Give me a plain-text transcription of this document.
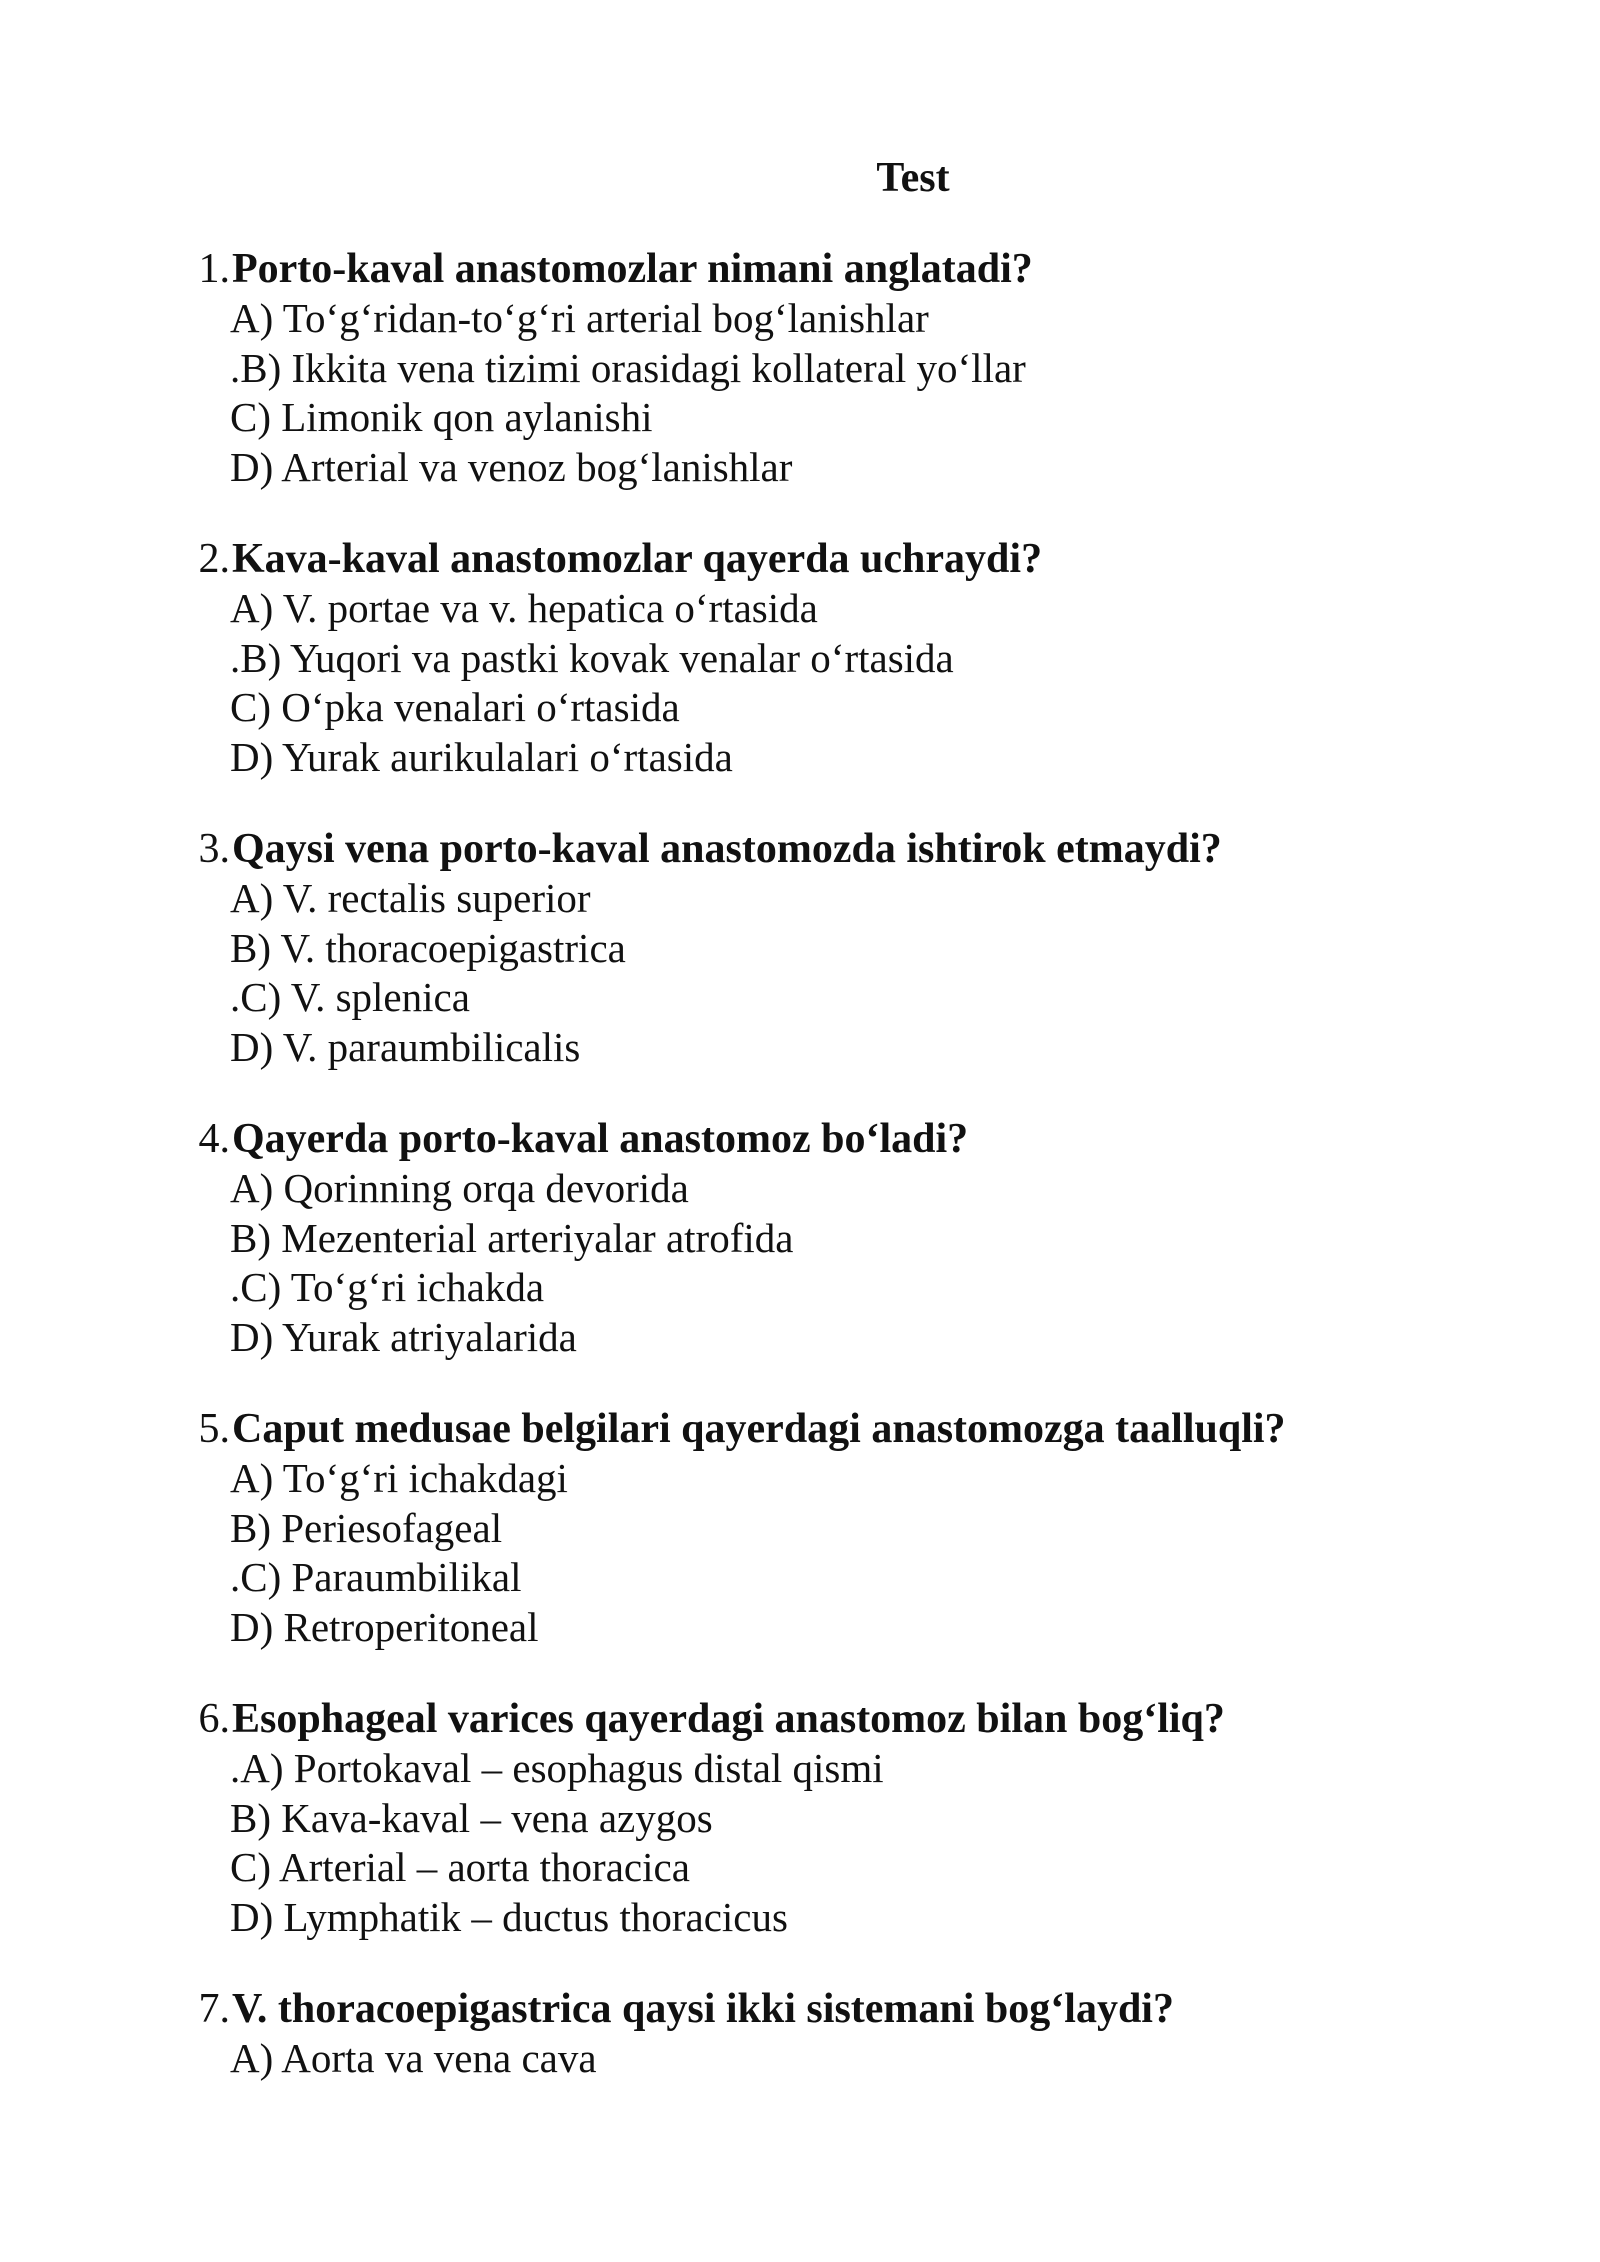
Test
1. Porto-kaval anastomozlar nimani anglatadi?
A) To‘g‘ridan-to‘g‘ri arterial bog‘lanishlar
.B) Ikkita vena tizimi orasidagi kollateral yo‘llar
C) Limonik qon aylanishi
D) Arterial va venoz bog‘lanishlar
2. Kava-kaval anastomozlar qayerda uchraydi?
A) V. portae va v. hepatica o‘rtasida
.B) Yuqori va pastki kovak venalar o‘rtasida
C) O‘pka venalari o‘rtasida
D) Yurak aurikulalari o‘rtasida
3. Qaysi vena porto-kaval anastomozda ishtirok etmaydi?
A) V. rectalis superior
B) V. thoracoepigastrica
.C) V. splenica
D) V. paraumbilicalis
4. Qayerda porto-kaval anastomoz bo‘ladi?
A) Qorinning orqa devorida
B) Mezenterial arteriyalar atrofida
.C) To‘g‘ri ichakda
D) Yurak atriyalarida
5. Caput medusae belgilari qayerdagi anastomozga taalluqli?
A) To‘g‘ri ichakdagi
B) Periesofageal
.C) Paraumbilikal
D) Retroperitoneal
6. Esophageal varices qayerdagi anastomoz bilan bog‘liq?
.A) Portokaval – esophagus distal qismi
B) Kava-kaval – vena azygos
C) Arterial – aorta thoracica
D) Lymphatik – ductus thoracicus
7. V. thoracoepigastrica qaysi ikki sistemani bog‘laydi?
A) Aorta va vena cava
